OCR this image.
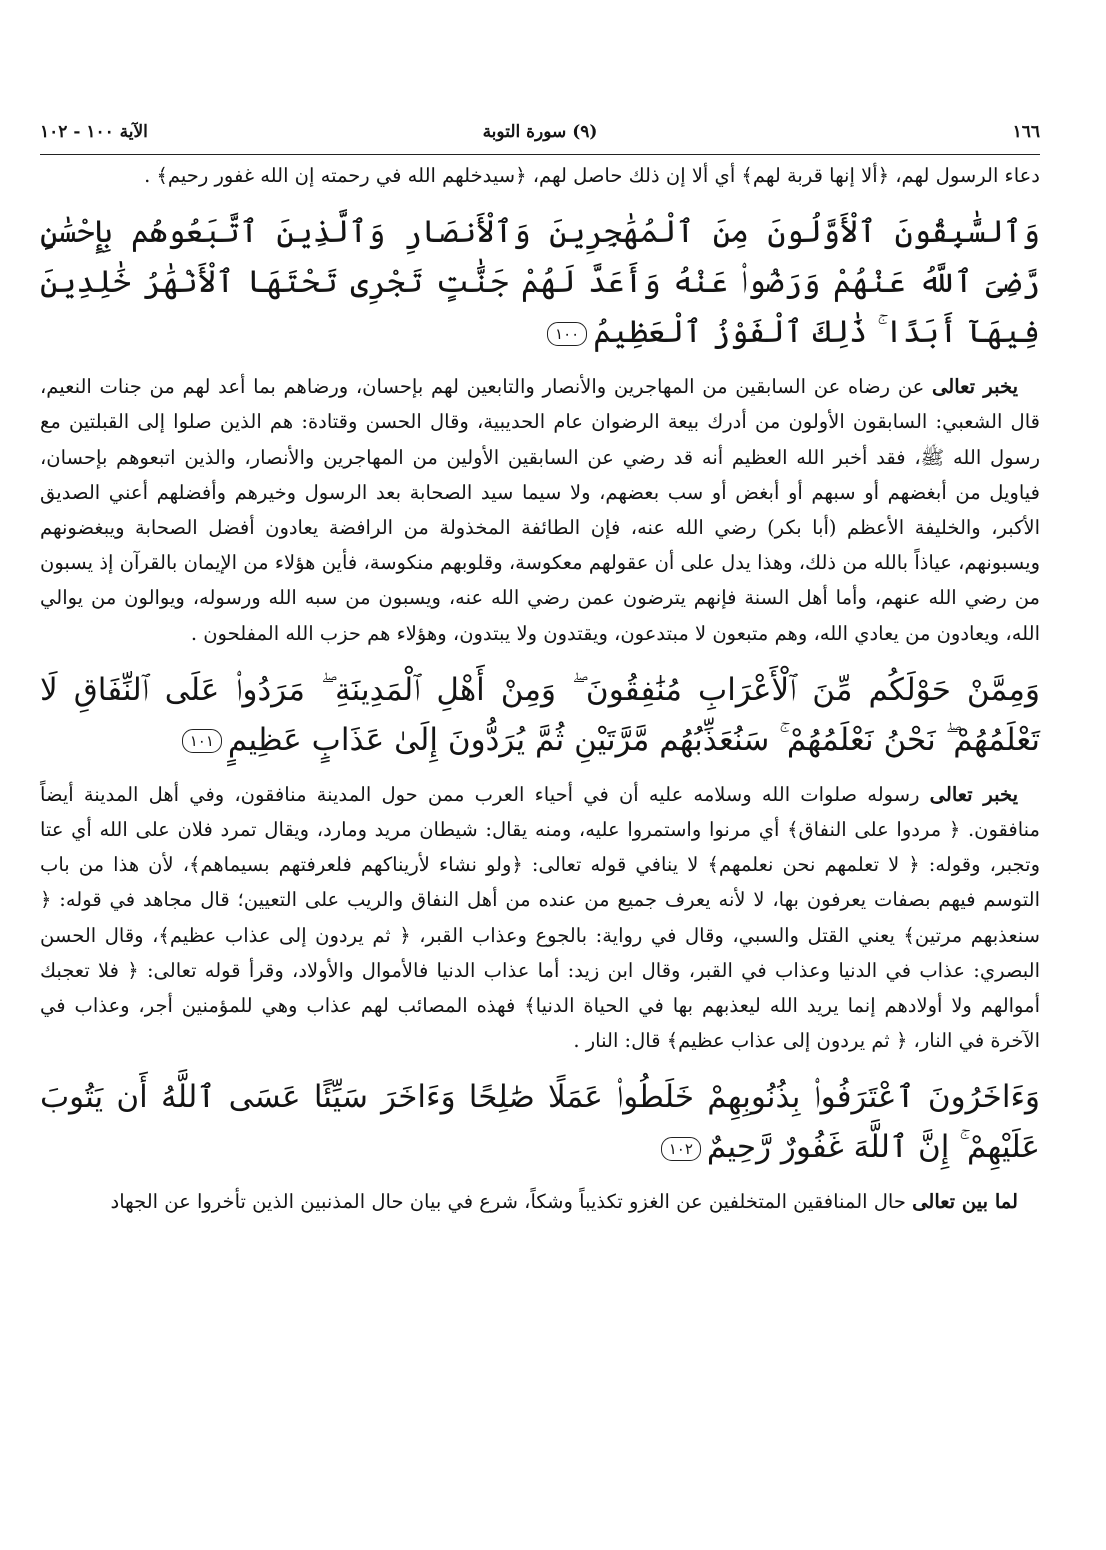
١٦٦
(٩) سورة التوبة
الآية ١٠٠ - ١٠٢

دعاء الرسول لهم، ﴿ألا إنها قربة لهم﴾ أي ألا إن ذلك حاصل لهم، ﴿سيدخلهم الله في رحمته إن الله غفور رحيم﴾ .

وَٱلسَّٰبِقُونَ ٱلْأَوَّلُونَ مِنَ ٱلْمُهَٰجِرِينَ وَٱلْأَنصَارِ وَٱلَّذِينَ ٱتَّبَعُوهُم بِإِحْسَٰنٍ رَّضِىَ ٱللَّهُ عَنْهُمْ وَرَضُوا۟ عَنْهُ وَأَعَدَّ لَهُمْ جَنَّٰتٍ تَجْرِى تَحْتَهَا ٱلْأَنْهَٰرُ خَٰلِدِينَ فِيهَآ أَبَدًا ۚ ذَٰلِكَ ٱلْفَوْزُ ٱلْعَظِيمُ١٠٠

يخبر تعالى عن رضاه عن السابقين من المهاجرين والأنصار والتابعين لهم بإحسان، ورضاهم بما أعد لهم من جنات النعيم، قال الشعبي: السابقون الأولون من أدرك بيعة الرضوان عام الحديبية، وقال الحسن وقتادة: هم الذين صلوا إلى القبلتين مع رسول الله ﷺ، فقد أخبر الله العظيم أنه قد رضي عن السابقين الأولين من المهاجرين والأنصار، والذين اتبعوهم بإحسان، فياويل من أبغضهم أو سبهم أو أبغض أو سب بعضهم، ولا سيما سيد الصحابة بعد الرسول وخيرهم وأفضلهم أعني الصديق الأكبر، والخليفة الأعظم (أبا بكر) رضي الله عنه، فإن الطائفة المخذولة من الرافضة يعادون أفضل الصحابة ويبغضونهم ويسبونهم، عياذاً بالله من ذلك، وهذا يدل على أن عقولهم معكوسة، وقلوبهم منكوسة، فأين هؤلاء من الإيمان بالقرآن إذ يسبون من رضي الله عنهم، وأما أهل السنة فإنهم يترضون عمن رضي الله عنه، ويسبون من سبه الله ورسوله، ويوالون من يوالي الله، ويعادون من يعادي الله، وهم متبعون لا مبتدعون، ويقتدون ولا يبتدون، وهؤلاء هم حزب الله المفلحون .

وَمِمَّنْ حَوْلَكُم مِّنَ ٱلْأَعْرَابِ مُنَٰفِقُونَ ۖ وَمِنْ أَهْلِ ٱلْمَدِينَةِ ۖ مَرَدُوا۟ عَلَى ٱلنِّفَاقِ لَا تَعْلَمُهُمْ ۖ نَحْنُ نَعْلَمُهُمْ ۚ سَنُعَذِّبُهُم مَّرَّتَيْنِ ثُمَّ يُرَدُّونَ إِلَىٰ عَذَابٍ عَظِيمٍ١٠١

يخبر تعالى رسوله صلوات الله وسلامه عليه أن في أحياء العرب ممن حول المدينة منافقون، وفي أهل المدينة أيضاً منافقون. ﴿ مردوا على النفاق﴾ أي مرنوا واستمروا عليه، ومنه يقال: شيطان مريد ومارد، ويقال تمرد فلان على الله أي عتا وتجبر، وقوله: ﴿ لا تعلمهم نحن نعلمهم﴾ لا ينافي قوله تعالى: ﴿ولو نشاء لأريناكهم فلعرفتهم بسيماهم﴾، لأن هذا من باب التوسم فيهم بصفات يعرفون بها، لا لأنه يعرف جميع من عنده من أهل النفاق والريب على التعيين؛ قال مجاهد في قوله: ﴿ سنعذبهم مرتين﴾ يعني القتل والسبي، وقال في رواية: بالجوع وعذاب القبر، ﴿ ثم يردون إلى عذاب عظيم﴾، وقال الحسن البصري: عذاب في الدنيا وعذاب في القبر، وقال ابن زيد: أما عذاب الدنيا فالأموال والأولاد، وقرأ قوله تعالى: ﴿ فلا تعجبك أموالهم ولا أولادهم إنما يريد الله ليعذبهم بها في الحياة الدنيا﴾ فهذه المصائب لهم عذاب وهي للمؤمنين أجر، وعذاب في الآخرة في النار، ﴿ ثم يردون إلى عذاب عظيم﴾ قال: النار .

وَءَاخَرُونَ ٱعْتَرَفُوا۟ بِذُنُوبِهِمْ خَلَطُوا۟ عَمَلًا صَٰلِحًا وَءَاخَرَ سَيِّئًا عَسَى ٱللَّهُ أَن يَتُوبَ عَلَيْهِمْ ۚ إِنَّ ٱللَّهَ غَفُورٌ رَّحِيمٌ١٠٢

لما بين تعالى حال المنافقين المتخلفين عن الغزو تكذيباً وشكاً، شرع في بيان حال المذنبين الذين تأخروا عن الجهاد
